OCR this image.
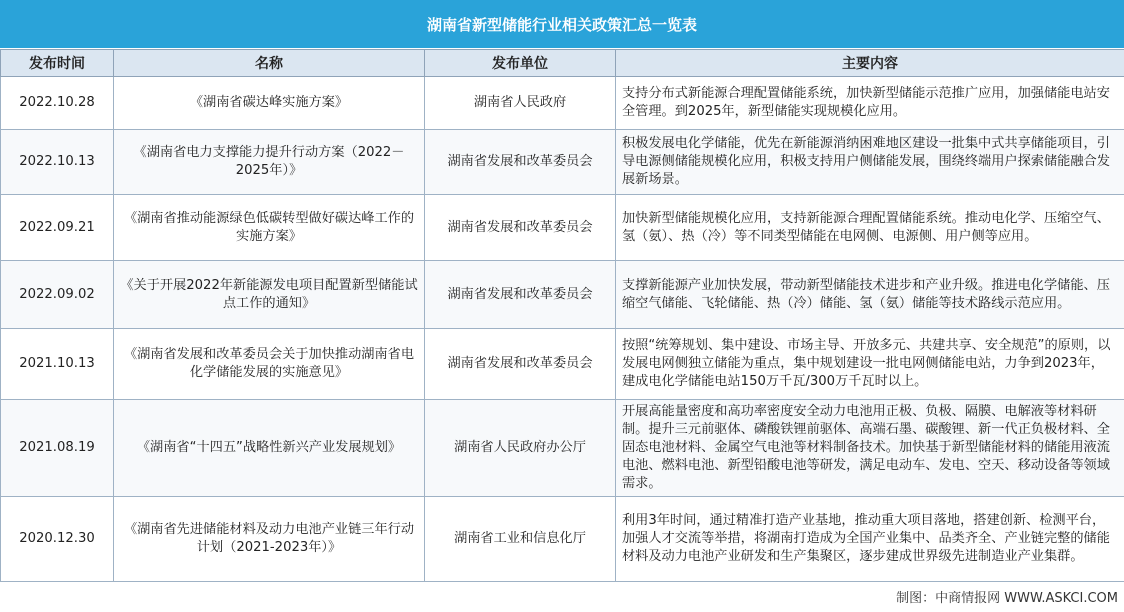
湖南省新型储能行业相关政策汇总一览表
发布时间	名称	发布单位	主要内容
2022.10.28	《湖南省碳达峰实施方案》	湖南省人民政府	支持分布式新能源合理配置储能系统，加快新型储能示范推广应用，加强储能电站安全管理。到2025年，新型储能实现规模化应用。
2022.10.13	《湖南省电力支撑能力提升行动方案（2022－2025年）》	湖南省发展和改革委员会	积极发展电化学储能，优先在新能源消纳困难地区建设一批集中式共享储能项目，引导电源侧储能规模化应用，积极支持用户侧储能发展，围绕终端用户探索储能融合发展新场景。
2022.09.21	《湖南省推动能源绿色低碳转型做好碳达峰工作的实施方案》	湖南省发展和改革委员会	加快新型储能规模化应用，支持新能源合理配置储能系统。推动电化学、压缩空气、氢（氨）、热（冷）等不同类型储能在电网侧、电源侧、用户侧等应用。
2022.09.02	《关于开展2022年新能源发电项目配置新型储能试点工作的通知》	湖南省发展和改革委员会	支撑新能源产业加快发展，带动新型储能技术进步和产业升级。推进电化学储能、压缩空气储能、飞轮储能、热（冷）储能、氢（氨）储能等技术路线示范应用。
2021.10.13	《湖南省发展和改革委员会关于加快推动湖南省电化学储能发展的实施意见》	湖南省发展和改革委员会	按照“统筹规划、集中建设、市场主导、开放多元、共建共享、安全规范”的原则，以发展电网侧独立储能为重点，集中规划建设一批电网侧储能电站，力争到2023年，建成电化学储能电站150万千瓦/300万千瓦时以上。
2021.08.19	《湖南省“十四五”战略性新兴产业发展规划》	湖南省人民政府办公厅	开展高能量密度和高功率密度安全动力电池用正极、负极、隔膜、电解液等材料研制。提升三元前驱体、磷酸铁锂前驱体、高端石墨、碳酸锂、新一代正负极材料、全固态电池材料、金属空气电池等材料制备技术。加快基于新型储能材料的储能用液流电池、燃料电池、新型铅酸电池等研发，满足电动车、发电、空天、移动设备等领域需求。
2020.12.30	《湖南省先进储能材料及动力电池产业链三年行动计划（2021-2023年）》	湖南省工业和信息化厅	利用3年时间，通过精准打造产业基地，推动重大项目落地，搭建创新、检测平台，加强人才交流等举措，将湖南打造成为全国产业集中、品类齐全、产业链完整的储能材料及动力电池产业研发和生产集聚区，逐步建成世界级先进制造业产业集群。
制图：中商情报网 WWW.ASKCI.COM
